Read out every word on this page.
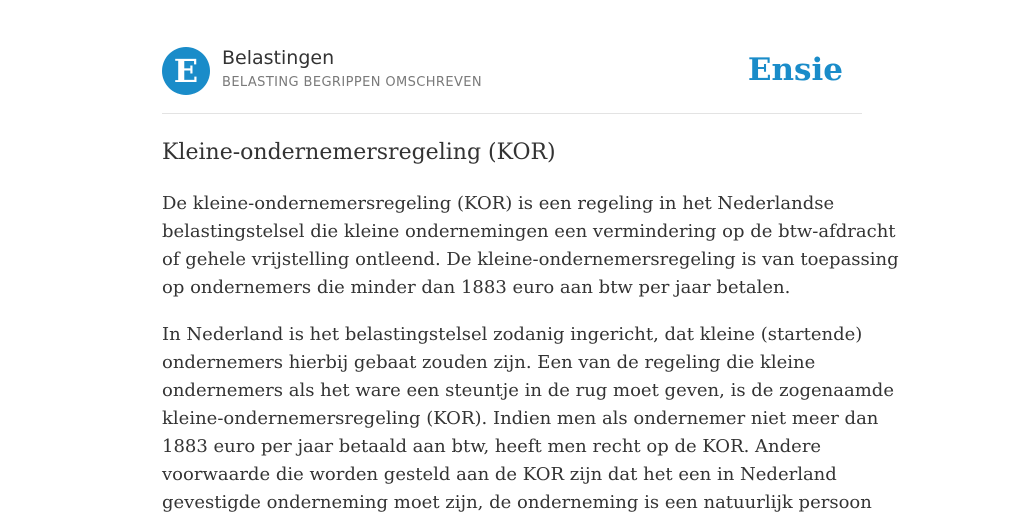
E Belastingen
BELASTING BEGRIPPEN OMSCHREVEN	Ensie
Kleine-ondernemersregeling (KOR)

De kleine-ondernemersregeling (KOR) is een regeling in het Nederlandse
belastingstelsel die kleine ondernemingen een vermindering op de btw-afdracht
of gehele vrijstelling ontleend. De kleine-ondernemersregeling is van toepassing
op ondernemers die minder dan 1883 euro aan btw per jaar betalen.

In Nederland is het belastingstelsel zodanig ingericht, dat kleine (startende)
ondernemers hierbij gebaat zouden zijn. Een van de regeling die kleine
ondernemers als het ware een steuntje in de rug moet geven, is de zogenaamde
kleine-ondernemersregeling (KOR). Indien men als ondernemer niet meer dan
1883 euro per jaar betaald aan btw, heeft men recht op de KOR. Andere
voorwaarde die worden gesteld aan de KOR zijn dat het een in Nederland
gevestigde onderneming moet zijn, de onderneming is een natuurlijk persoon
